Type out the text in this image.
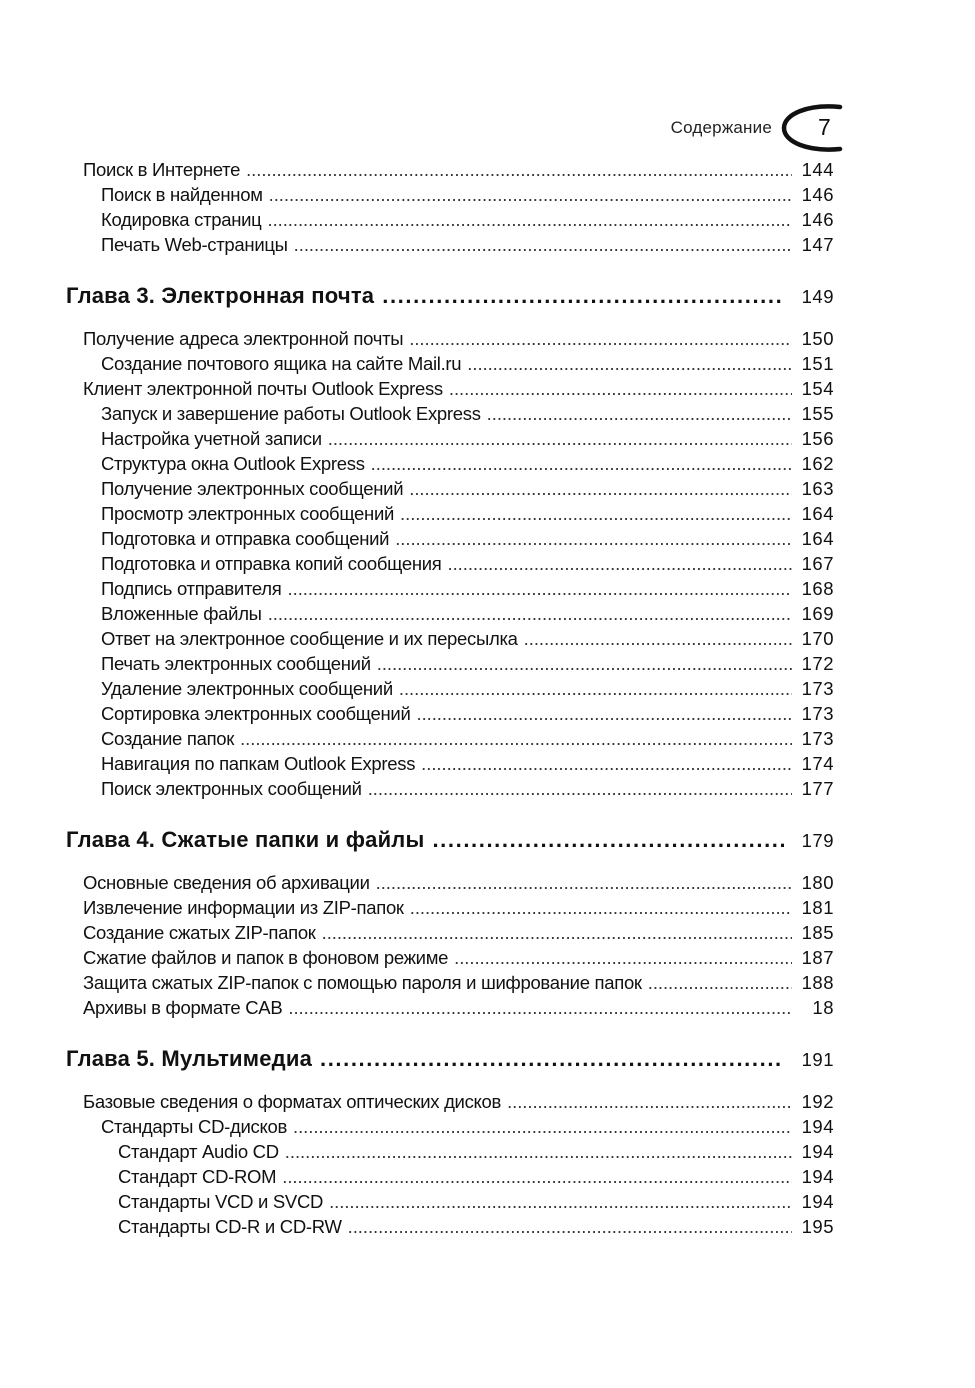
Содержание 7
Поиск в Интернете . . .	144
Поиск в найденном . . .	146
Кодировка страниц . . .	146
Печать Web-страницы . . .	147
Глава 3. Электронная почта .....	149
Получение адреса электронной почты . . .	150
Создание почтового ящика на сайте Mail.ru . . .	151
Клиент электронной почты Outlook Express . . .	154
Запуск и завершение работы Outlook Express . . .	155
Настройка учетной записи . . .	156
Структура окна Outlook Express . . .	162
Получение электронных сообщений . . .	163
Просмотр электронных сообщений . . .	164
Подготовка и отправка сообщений . . .	164
Подготовка и отправка копий сообщения . . .	167
Подпись отправителя . . .	168
Вложенные файлы . . .	169
Ответ на электронное сообщение и их пересылка . . .	170
Печать электронных сообщений . . .	172
Удаление электронных сообщений . . .	173
Сортировка электронных сообщений . . .	173
Создание папок . . .	173
Навигация по папкам Outlook Express . . .	174
Поиск электронных сообщений . . .	177
Глава 4. Сжатые папки и файлы .....	179
Основные сведения об архивации . . .	180
Извлечение информации из ZIP-папок . . .	181
Создание сжатых ZIP-папок . . .	185
Сжатие файлов и папок в фоновом режиме . . .	187
Защита сжатых ZIP-папок с помощью пароля и шифрование папок . . .	188
Архивы в формате CAB . . .	18
Глава 5. Мультимедиа .....	191
Базовые сведения о форматах оптических дисков . . .	192
Стандарты CD-дисков . . .	194
Стандарт Audio CD . . .	194
Стандарт CD-ROM . . .	194
Стандарты VCD и SVCD . . .	194
Стандарты CD-R и CD-RW . . .	195
